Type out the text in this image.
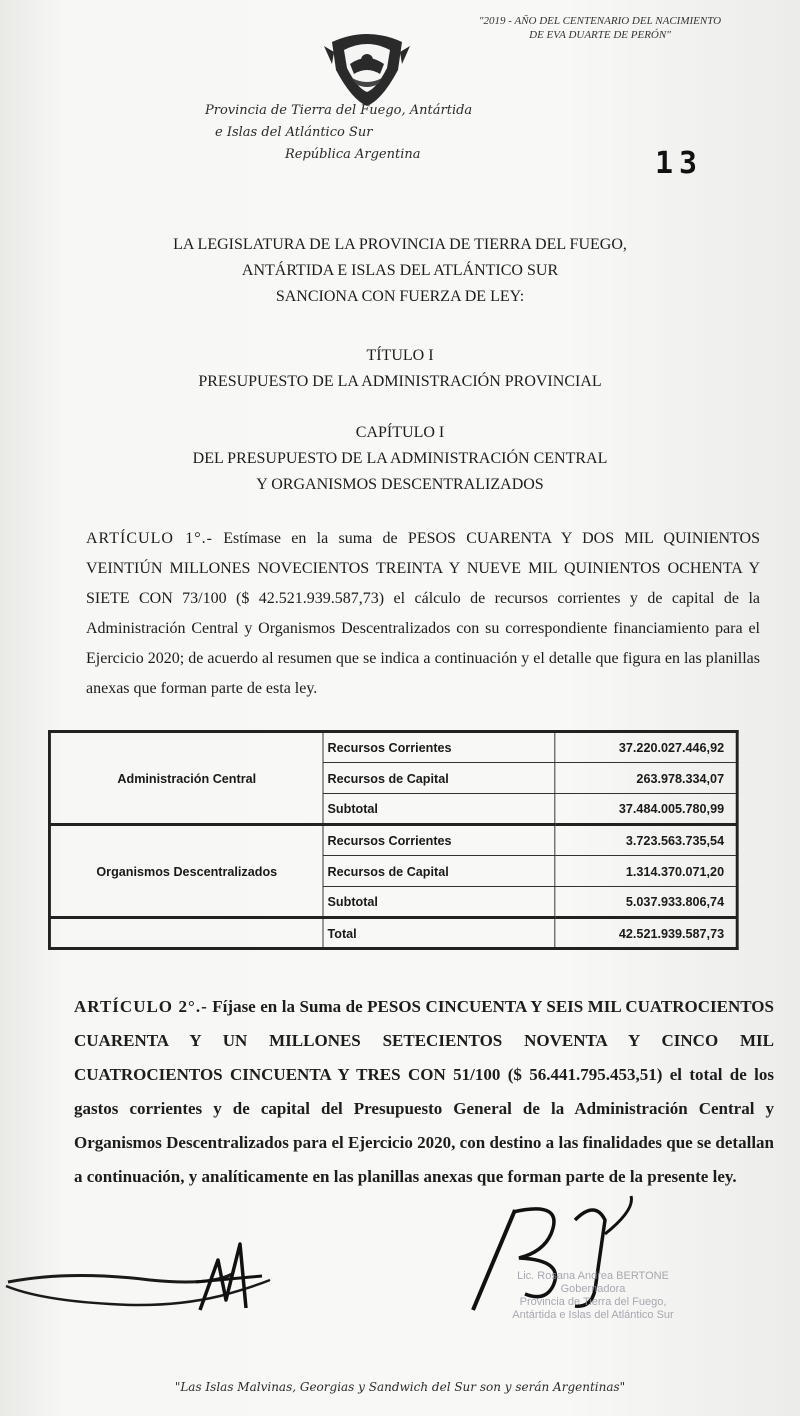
"2019 - AÑO DEL CENTENARIO DEL NACIMIENTO
DE EVA DUARTE DE PERÓN"
Provincia de Tierra del Fuego, Antártida
e Islas del Atlántico Sur
República Argentina	13
LA LEGISLATURA DE LA PROVINCIA DE TIERRA DEL FUEGO,
ANTÁRTIDA E ISLAS DEL ATLÁNTICO SUR
SANCIONA CON FUERZA DE LEY:
TÍTULO I
PRESUPUESTO DE LA ADMINISTRACIÓN PROVINCIAL
CAPÍTULO I
DEL PRESUPUESTO DE LA ADMINISTRACIÓN CENTRAL
Y ORGANISMOS DESCENTRALIZADOS

ARTÍCULO 1°.- Estímase en la suma de PESOS CUARENTA Y DOS MIL QUINIENTOS VEINTIÚN MILLONES NOVECIENTOS TREINTA Y NUEVE MIL QUINIENTOS OCHENTA Y SIETE CON 73/100 ($ 42.521.939.587,73) el cálculo de recursos corrientes y de capital de la Administración Central y Organismos Descentralizados con su correspondiente financiamiento para el Ejercicio 2020; de acuerdo al resumen que se indica a continuación y el detalle que figura en las planillas anexas que forman parte de esta ley.

Administración Central	Recursos Corrientes	37.220.027.446,92
	Recursos de Capital	263.978.334,07
	Subtotal	37.484.005.780,99
Organismos Descentralizados	Recursos Corrientes	3.723.563.735,54
	Recursos de Capital	1.314.370.071,20
	Subtotal	5.037.933.806,74
	Total	42.521.939.587,73

ARTÍCULO 2°.- Fíjase en la Suma de PESOS CINCUENTA Y SEIS MIL CUATROCIENTOS CUARENTA Y UN MILLONES SETECIENTOS NOVENTA Y CINCO MIL CUATROCIENTOS CINCUENTA Y TRES CON 51/100 ($ 56.441.795.453,51) el total de los gastos corrientes y de capital del Presupuesto General de la Administración Central y Organismos Descentralizados para el Ejercicio 2020, con destino a las finalidades que se detallan a continuación, y analíticamente en las planillas anexas que forman parte de la presente ley.

Lic. Rosana Andrea BERTONE
Gobernadora
Provincia de Tierra del Fuego,
Antártida e Islas del Atlántico Sur
"Las Islas Malvinas, Georgias y Sandwich del Sur son y serán Argentinas"
